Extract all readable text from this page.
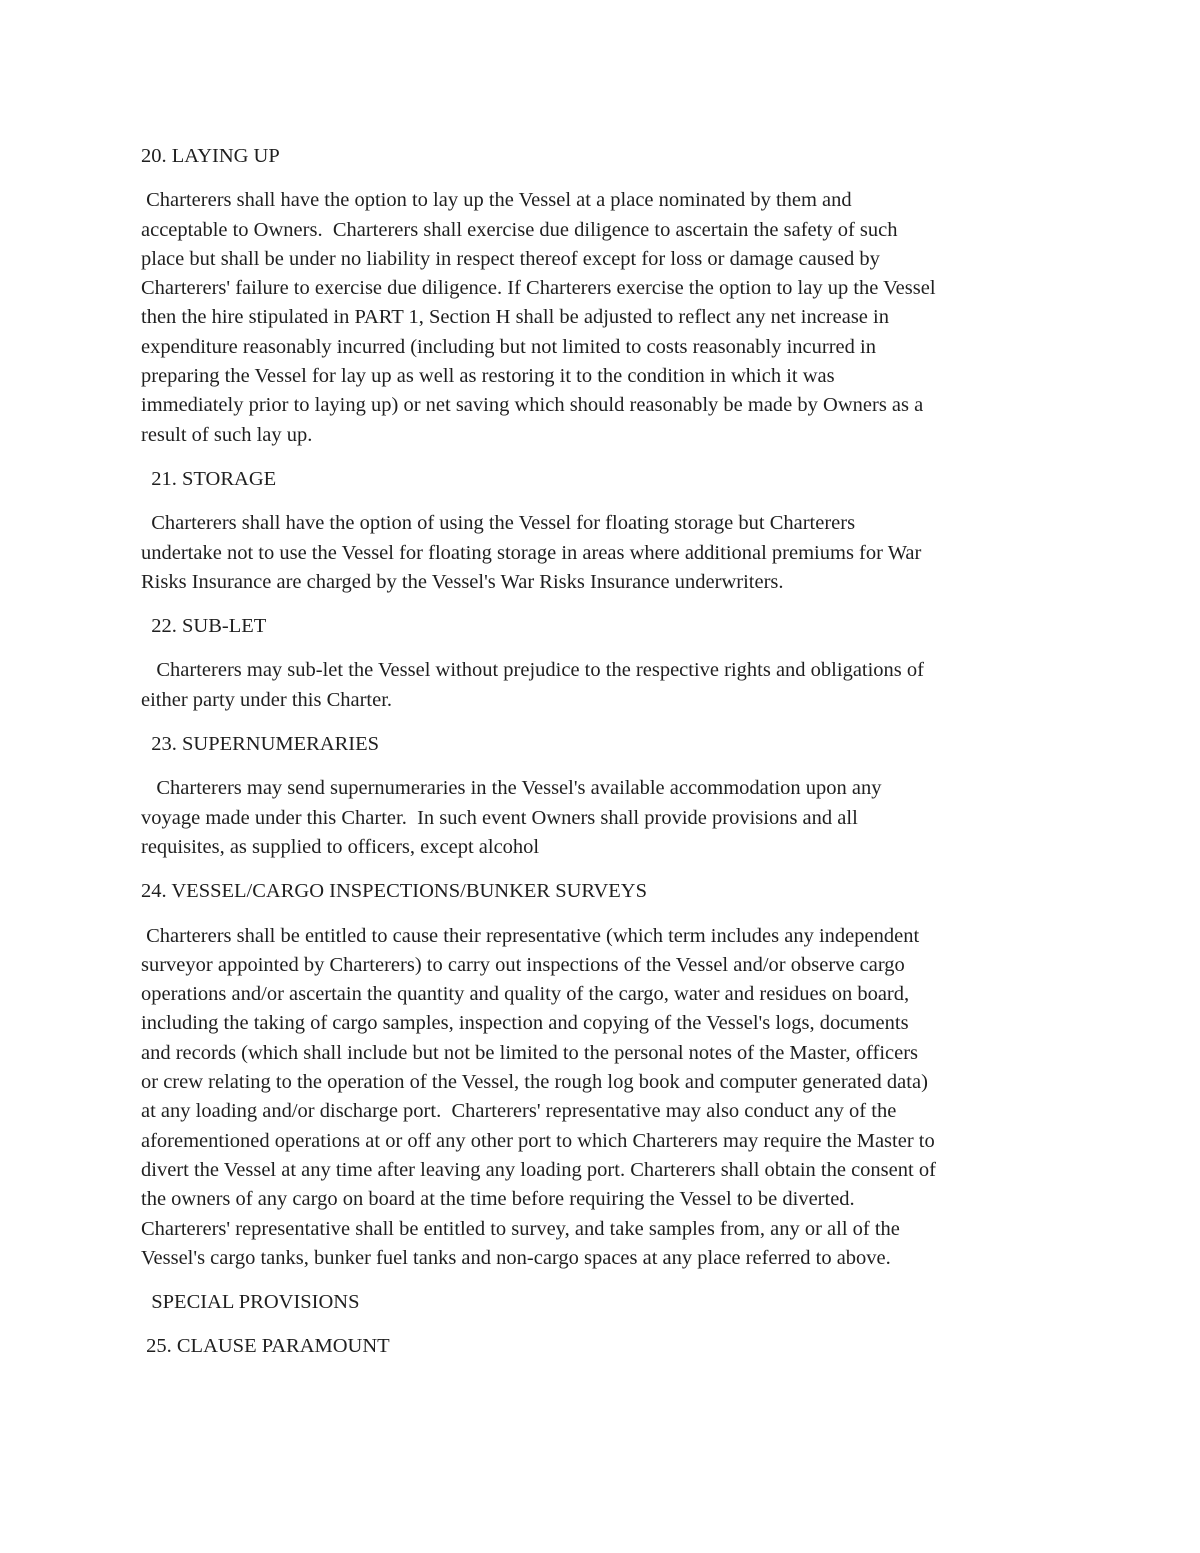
20. LAYING UP
Charterers shall have the option to lay up the Vessel at a place nominated by them and
acceptable to Owners.  Charterers shall exercise due diligence to ascertain the safety of such
place but shall be under no liability in respect thereof except for loss or damage caused by
Charterers' failure to exercise due diligence. If Charterers exercise the option to lay up the Vessel
then the hire stipulated in PART 1, Section H shall be adjusted to reflect any net increase in
expenditure reasonably incurred (including but not limited to costs reasonably incurred in
preparing the Vessel for lay up as well as restoring it to the condition in which it was
immediately prior to laying up) or net saving which should reasonably be made by Owners as a
result of such lay up.
21. STORAGE
Charterers shall have the option of using the Vessel for floating storage but Charterers
undertake not to use the Vessel for floating storage in areas where additional premiums for War
Risks Insurance are charged by the Vessel's War Risks Insurance underwriters.
22. SUB-LET
Charterers may sub-let the Vessel without prejudice to the respective rights and obligations of
either party under this Charter.
23. SUPERNUMERARIES
Charterers may send supernumeraries in the Vessel's available accommodation upon any
voyage made under this Charter.  In such event Owners shall provide provisions and all
requisites, as supplied to officers, except alcohol
24. VESSEL/CARGO INSPECTIONS/BUNKER SURVEYS
Charterers shall be entitled to cause their representative (which term includes any independent
surveyor appointed by Charterers) to carry out inspections of the Vessel and/or observe cargo
operations and/or ascertain the quantity and quality of the cargo, water and residues on board,
including the taking of cargo samples, inspection and copying of the Vessel's logs, documents
and records (which shall include but not be limited to the personal notes of the Master, officers
or crew relating to the operation of the Vessel, the rough log book and computer generated data)
at any loading and/or discharge port.  Charterers' representative may also conduct any of the
aforementioned operations at or off any other port to which Charterers may require the Master to
divert the Vessel at any time after leaving any loading port. Charterers shall obtain the consent of
the owners of any cargo on board at the time before requiring the Vessel to be diverted.
Charterers' representative shall be entitled to survey, and take samples from, any or all of the
Vessel's cargo tanks, bunker fuel tanks and non-cargo spaces at any place referred to above.
SPECIAL PROVISIONS
25. CLAUSE PARAMOUNT
